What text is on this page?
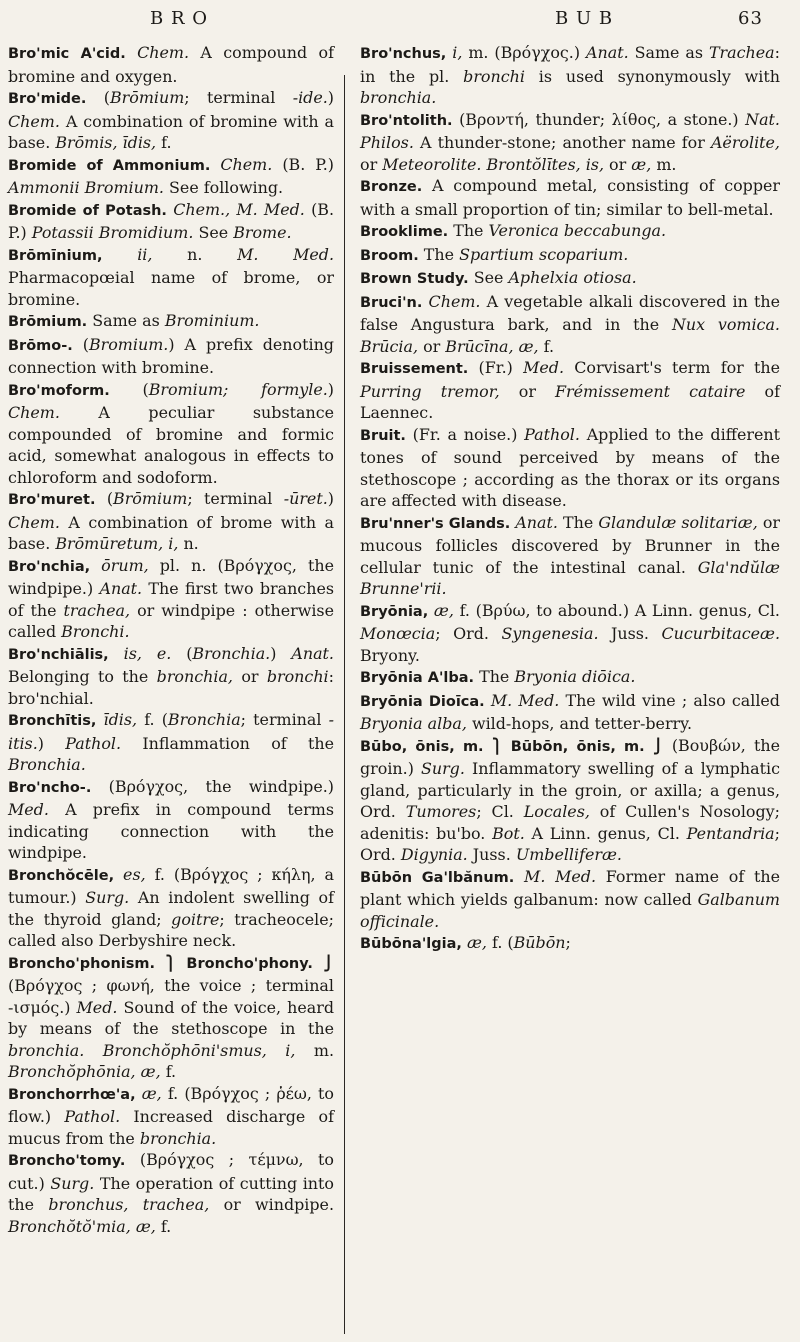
B R O	B U B	63

Bro'mic A'cid. Chem. A compound of bromine and oxygen.

Bro'mide. (Brōmium; terminal -ide.) Chem. A combination of bromine with a base. Brōmis, īdis, f.

Bromide of Ammonium. Chem. (B. P.) Ammonii Bromium. See following.

Bromide of Potash. Chem., M. Med. (B. P.) Potassii Bromidium. See Brome.

Brōmīnium, ii, n. M. Med. Pharmacopœial name of brome, or bromine.

Brōmium. Same as Brominium.

Brōmo-. (Bromium.) A prefix denoting connection with bromine.

Bro'moform. (Bromium; formyle.) Chem. A peculiar substance compounded of bromine and formic acid, somewhat analogous in effects to chloroform and sodoform.

Bro'muret. (Brōmium; terminal -ūret.) Chem. A combination of brome with a base. Brōmūretum, i, n.

Bro'nchia, ōrum, pl. n. (Βρόγχος, the windpipe.) Anat. The first two branches of the trachea, or windpipe : otherwise called Bronchi.

Bro'nchiālis, is, e. (Bronchia.) Anat. Belonging to the bronchia, or bronchi: bro'nchial.

Bronchītis, īdis, f. (Bronchia; terminal -itis.) Pathol. Inflammation of the Bronchia.

Bro'ncho-. (Βρόγχος, the windpipe.) Med. A prefix in compound terms indicating connection with the windpipe.

Bronchŏcēle, es, f. (Βρόγχος ; κήλη, a tumour.) Surg. An indolent swelling of the thyroid gland; goitre; tracheocele; called also Derbyshire neck.

Broncho'phonism. ⎫ Broncho'phony. ⎭ (Βρόγχος ; φωνή, the voice ; terminal -ισμός.) Med. Sound of the voice, heard by means of the stethoscope in the bronchia. Bronchŏphōni'smus, i, m. Bronchŏphōnia, æ, f.

Bronchorrhœ'a, æ, f. (Βρόγχος ; ῥέω, to flow.) Pathol. Increased discharge of mucus from the bronchia.

Broncho'tomy. (Βρόγχος ; τέμνω, to cut.) Surg. The operation of cutting into the bronchus, trachea, or windpipe. Bronchŏtŏ'mia, æ, f.

Bro'nchus, i, m. (Βρόγχος.) Anat. Same as Trachea: in the pl. bronchi is used synonymously with bronchia.

Bro'ntolith. (Βροντή, thunder; λίθος, a stone.) Nat. Philos. A thunder-stone; another name for Aërolite, or Meteorolite. Brontŏlītes, is, or æ, m.

Bronze. A compound metal, consisting of copper with a small proportion of tin; similar to bell-metal.

Brooklime. The Veronica beccabunga.

Broom. The Spartium scoparium.

Brown Study. See Aphelxia otiosa.

Bruci'n. Chem. A vegetable alkali discovered in the false Angustura bark, and in the Nux vomica. Brūcia, or Brūcīna, æ, f.

Bruissement. (Fr.) Med. Corvisart's term for the Purring tremor, or Frémissement cataire of Laennec.

Bruit. (Fr. a noise.) Pathol. Applied to the different tones of sound perceived by means of the stethoscope ; according as the thorax or its organs are affected with disease.

Bru'nner's Glands. Anat. The Glandulæ solitariæ, or mucous follicles discovered by Brunner in the cellular tunic of the intestinal canal. Gla'ndŭlæ Brunne'rii.

Bryōnia, æ, f. (Βρύω, to abound.) A Linn. genus, Cl. Monœcia; Ord. Syngenesia. Juss. Cucurbitaceæ. Bryony.

Bryōnia A'lba. The Bryonia diōica.

Bryōnia Dioīca. M. Med. The wild vine ; also called Bryonia alba, wild-hops, and tetter-berry.

Būbo, ōnis, m. ⎫ Būbōn, ōnis, m. ⎭ (Βουβών, the groin.) Surg. Inflammatory swelling of a lymphatic gland, particularly in the groin, or axilla; a genus, Ord. Tumores; Cl. Locales, of Cullen's Nosology; adenitis: bu'bo. Bot. A Linn. genus, Cl. Pentandria; Ord. Digynia. Juss. Umbelliferæ.

Būbōn Ga'lbănum. M. Med. Former name of the plant which yields galbanum: now called Galbanum officinale.

Būbōna'lgia, æ, f. (Būbōn;
